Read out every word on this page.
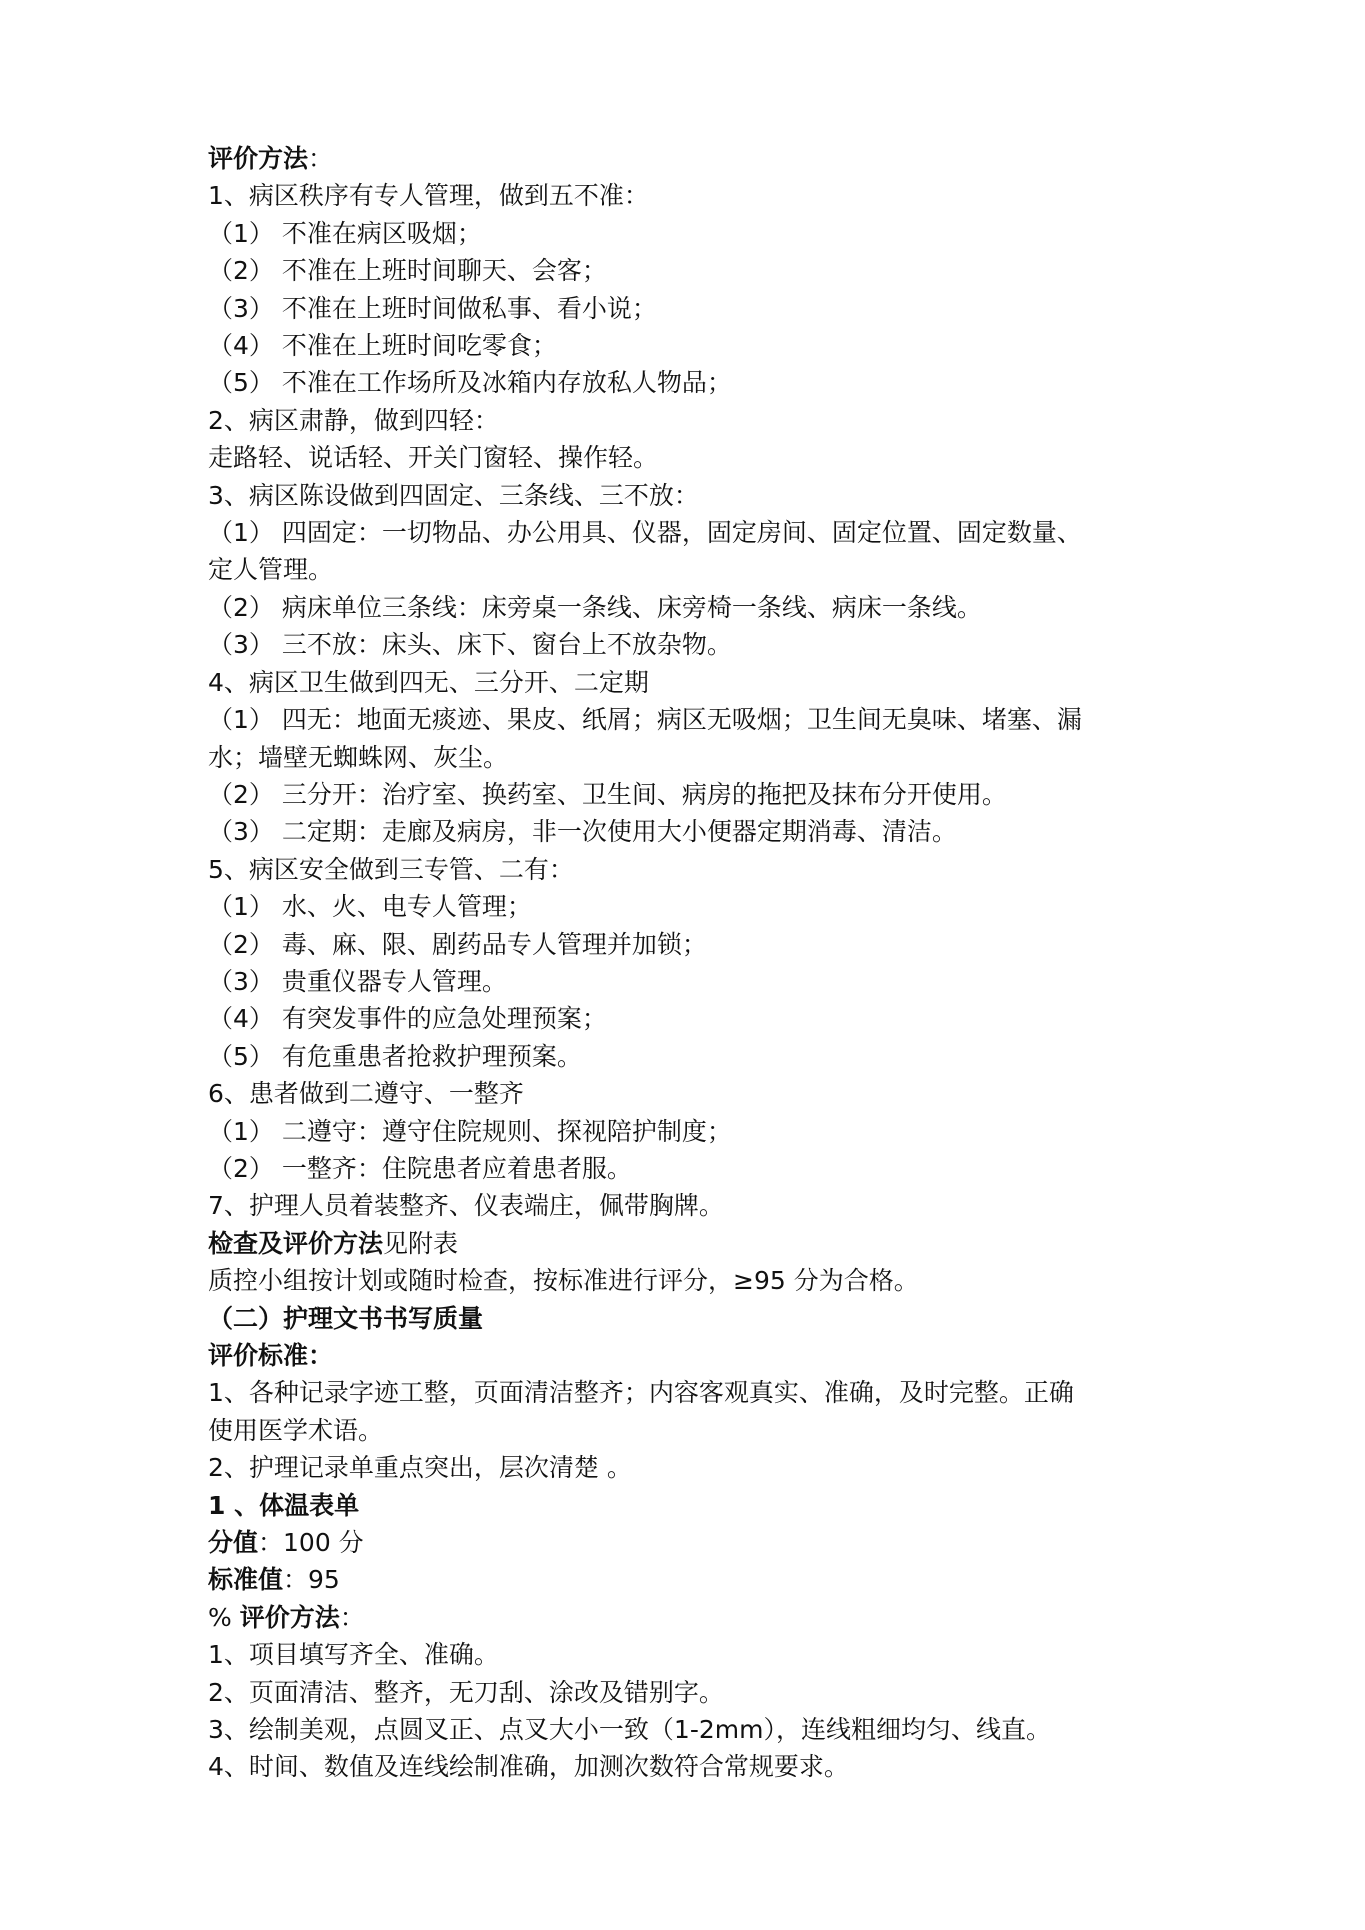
评价方法：
1、病区秩序有专人管理，做到五不准：
（1） 不准在病区吸烟；
（2） 不准在上班时间聊天、会客；
（3） 不准在上班时间做私事、看小说；
（4） 不准在上班时间吃零食；
（5） 不准在工作场所及冰箱内存放私人物品；
2、病区肃静，做到四轻：
走路轻、说话轻、开关门窗轻、操作轻。
3、病区陈设做到四固定、三条线、三不放：
（1） 四固定：一切物品、办公用具、仪器，固定房间、固定位置、固定数量、
定人管理。
（2） 病床单位三条线：床旁桌一条线、床旁椅一条线、病床一条线。
（3） 三不放：床头、床下、窗台上不放杂物。
4、病区卫生做到四无、三分开、二定期
（1） 四无：地面无痰迹、果皮、纸屑；病区无吸烟；卫生间无臭味、堵塞、漏
水；墙壁无蜘蛛网、灰尘。
（2） 三分开：治疗室、换药室、卫生间、病房的拖把及抹布分开使用。
（3） 二定期：走廊及病房，非一次使用大小便器定期消毒、清洁。
5、病区安全做到三专管、二有：
（1） 水、火、电专人管理；
（2） 毒、麻、限、剧药品专人管理并加锁；
（3） 贵重仪器专人管理。
（4） 有突发事件的应急处理预案；
（5） 有危重患者抢救护理预案。
6、患者做到二遵守、一整齐
（1） 二遵守：遵守住院规则、探视陪护制度；
（2） 一整齐：住院患者应着患者服。
7、护理人员着装整齐、仪表端庄，佩带胸牌。
检查及评价方法见附表
质控小组按计划或随时检查，按标准进行评分，≥95 分为合格。
（二）护理文书书写质量
评价标准：
1、各种记录字迹工整，页面清洁整齐；内容客观真实、准确，及时完整。正确
使用医学术语。
2、护理记录单重点突出，层次清楚 。
1 、体温表单
分值：100 分
标准值：95
% 评价方法：
1、项目填写齐全、准确。
2、页面清洁、整齐，无刀刮、涂改及错别字。
3、绘制美观，点圆叉正、点叉大小一致（1-2mm），连线粗细均匀、线直。
4、时间、数值及连线绘制准确，加测次数符合常规要求。
